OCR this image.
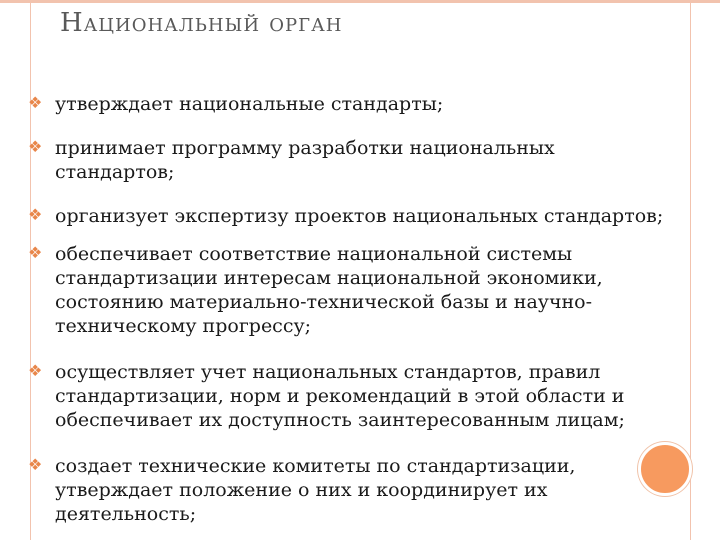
Национальный орган
❖ утверждает национальные стандарты;
❖ принимает программу разработки национальных
стандартов;
❖ организует экспертизу проектов национальных стандартов;
❖ обеспечивает соответствие национальной системы
стандартизации интересам национальной экономики,
состоянию материально-технической базы и научно-
техническому прогрессу;
❖ осуществляет учет национальных стандартов, правил
стандартизации, норм и рекомендаций в этой области и
обеспечивает их доступность заинтересованным лицам;
❖ создает технические комитеты по стандартизации,
утверждает положение о них и координирует их
деятельность;
